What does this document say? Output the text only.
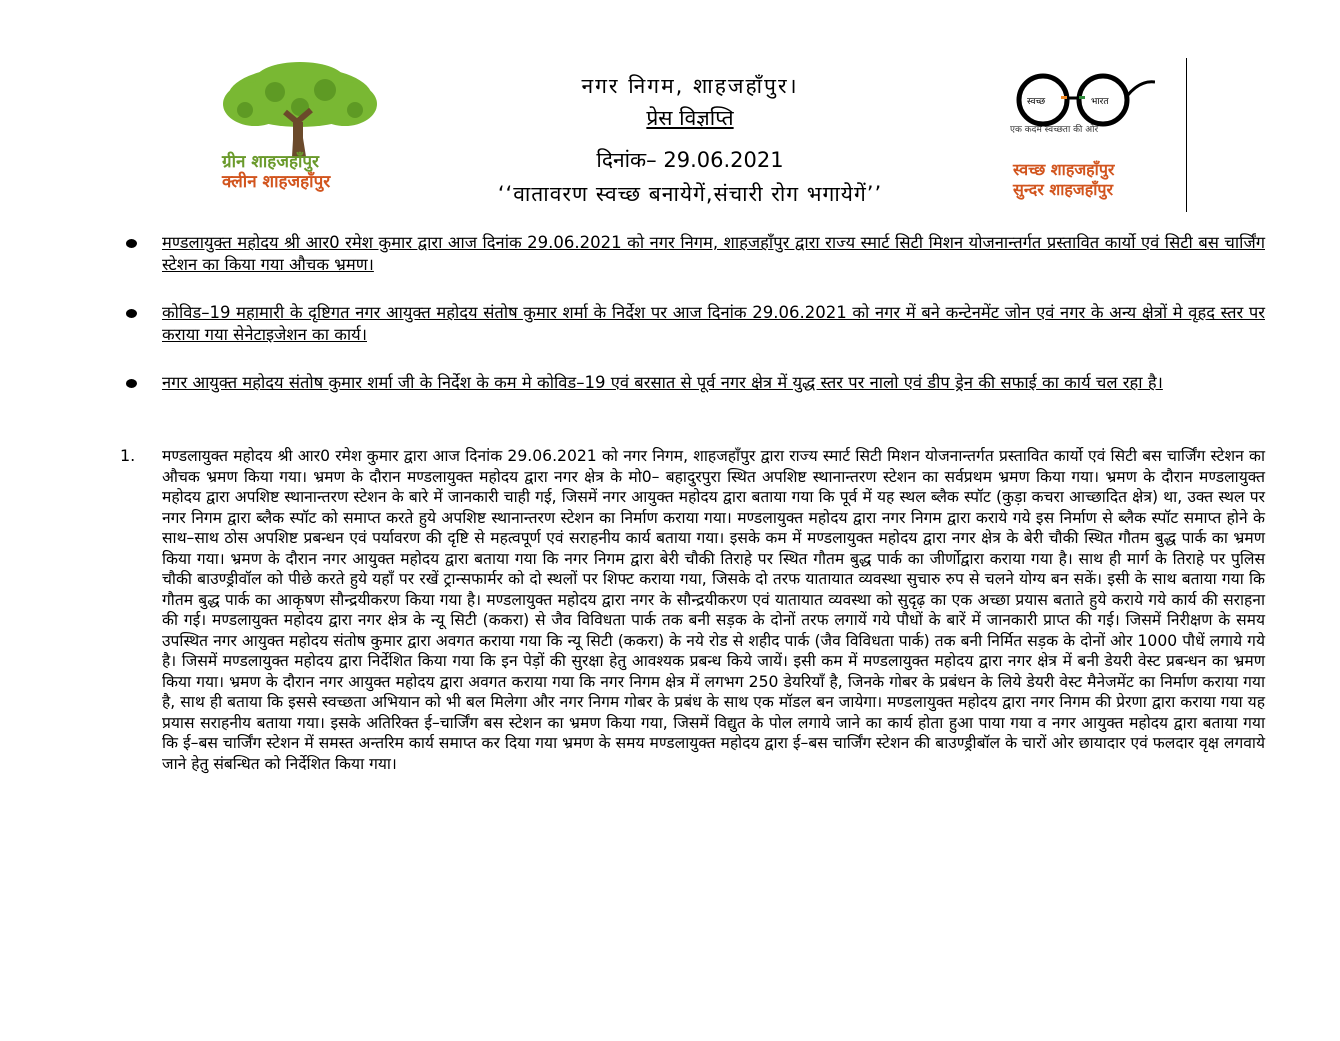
ग्रीन शाहजहाँपुर
क्लीन शाहजहाँपुर
नगर निगम, शाहजहाँपुर।
प्रेस विज्ञप्ति
दिनांक– 29.06.2021
‘‘वातावरण स्वच्छ बनायेगें,संचारी रोग भगायेगें’’
स्वच्छ	भारत
एक कदम स्वच्छता की ओर
स्वच्छ शाहजहाँपुर
सुन्दर शाहजहाँपुर
मण्डलायुक्त महोदय श्री आर0 रमेश कुमार द्वारा आज दिनांक 29.06.2021 को नगर निगम, शाहजहाँपुर द्वारा राज्य स्मार्ट सिटी मिशन योजनान्तर्गत प्रस्तावित कार्यो एवं सिटी बस चार्जिंग स्टेशन का किया गया औचक भ्रमण।
कोविड–19 महामारी के दृष्टिगत नगर आयुक्त महोदय संतोष कुमार शर्मा के निर्देश पर आज दिनांक 29.06.2021 को नगर में बने कन्टेनमेंट जोन एवं नगर के अन्य क्षेत्रों मे वृहद स्तर पर कराया गया सेनेटाइजेशन का कार्य।
नगर आयुक्त महोदय संतोष कुमार शर्मा जी के निर्देश के कम मे कोविड–19 एवं बरसात से पूर्व नगर क्षेत्र में युद्ध स्तर पर नालो एवं डीप ड्रेन की सफाई का कार्य चल रहा है।
1. मण्डलायुक्त महोदय श्री आर0 रमेश कुमार द्वारा आज दिनांक 29.06.2021 को नगर निगम, शाहजहाँपुर द्वारा राज्य स्मार्ट सिटी मिशन योजनान्तर्गत प्रस्तावित कार्यो एवं सिटी बस चार्जिंग स्टेशन का औचक भ्रमण किया गया। भ्रमण के दौरान मण्डलायुक्त महोदय द्वारा नगर क्षेत्र के मो0– बहादुरपुरा स्थित अपशिष्ट स्थानान्तरण स्टेशन का सर्वप्रथम भ्रमण किया गया। भ्रमण के दौरान मण्डलायुक्त महोदय द्वारा अपशिष्ट स्थानान्तरण स्टेशन के बारे में जानकारी चाही गई, जिसमें नगर आयुक्त महोदय द्वारा बताया गया कि पूर्व में यह स्थल ब्लैक स्पॉट (कुड़ा कचरा आच्छादित क्षेत्र) था, उक्त स्थल पर नगर निगम द्वारा ब्लैक स्पॉट को समाप्त करते हुये अपशिष्ट स्थानान्तरण स्टेशन का निर्माण कराया गया। मण्डलायुक्त महोदय द्वारा नगर निगम द्वारा कराये गये इस निर्माण से ब्लैक स्पॉट समाप्त होने के साथ–साथ ठोस अपशिष्ट प्रबन्धन एवं पर्यावरण की दृष्टि से महत्वपूर्ण एवं सराहनीय कार्य बताया गया। इसके कम में मण्डलायुक्त महोदय द्वारा नगर क्षेत्र के बेरी चौकी स्थित गौतम बुद्ध पार्क का भ्रमण किया गया। भ्रमण के दौरान नगर आयुक्त महोदय द्वारा बताया गया कि नगर निगम द्वारा बेरी चौकी तिराहे पर स्थित गौतम बुद्ध पार्क का जीर्णोद्वारा कराया गया है। साथ ही मार्ग के तिराहे पर पुलिस चौकी बाउण्ड्रीवॉल को पीछे करते हुये यहाँ पर रखें ट्रान्सफार्मर को दो स्थलों पर शिफ्ट कराया गया, जिसके दो तरफ यातायात व्यवस्था सुचारु रुप से चलने योग्य बन सकें। इसी के साथ बताया गया कि गौतम बुद्ध पार्क का आकृषण सौन्द्रयीकरण किया गया है। मण्डलायुक्त महोदय द्वारा नगर के सौन्द्रयीकरण एवं यातायात व्यवस्था को सुदृढ़ का एक अच्छा प्रयास बताते हुये कराये गये कार्य की सराहना की गई। मण्डलायुक्त महोदय द्वारा नगर क्षेत्र के न्यू सिटी (ककरा) से जैव विविधता पार्क तक बनी सड़क के दोनों तरफ लगायें गये पौधों के बारें में जानकारी प्राप्त की गई। जिसमें निरीक्षण के समय उपस्थित नगर आयुक्त महोदय संतोष कुमार द्वारा अवगत कराया गया कि न्यू सिटी (ककरा) के नये रोड से शहीद पार्क (जैव विविधता पार्क) तक बनी निर्मित सड़क के दोनों ओर 1000 पौधें लगाये गये है। जिसमें मण्डलायुक्त महोदय द्वारा निर्देशित किया गया कि इन पेड़ों की सुरक्षा हेतु आवश्यक प्रबन्ध किये जायें। इसी कम में मण्डलायुक्त महोदय द्वारा नगर क्षेत्र में बनी डेयरी वेस्ट प्रबन्धन का भ्रमण किया गया। भ्रमण के दौरान नगर आयुक्त महोदय द्वारा अवगत कराया गया कि नगर निगम क्षेत्र में लगभग 250 डेयरियाँ है, जिनके गोबर के प्रबंधन के लिये डेयरी वेस्ट मैनेजमेंट का निर्माण कराया गया है, साथ ही बताया कि इससे स्वच्छता अभियान को भी बल मिलेगा और नगर निगम गोबर के प्रबंध के साथ एक मॉडल बन जायेगा। मण्डलायुक्त महोदय द्वारा नगर निगम की प्रेरणा द्वारा कराया गया यह प्रयास सराहनीय बताया गया। इसके अतिरिक्त ई–चार्जिंग बस स्टेशन का भ्रमण किया गया, जिसमें विद्युत के पोल लगाये जाने का कार्य होता हुआ पाया गया व नगर आयुक्त महोदय द्वारा बताया गया कि ई–बस चार्जिंग स्टेशन में समस्त अन्तरिम कार्य समाप्त कर दिया गया भ्रमण के समय मण्डलायुक्त महोदय द्वारा ई–बस चार्जिंग स्टेशन की बाउण्ड्रीबॉल के चारों ओर छायादार एवं फलदार वृक्ष लगवाये जाने हेतु संबन्धित को निर्देशित किया गया।
